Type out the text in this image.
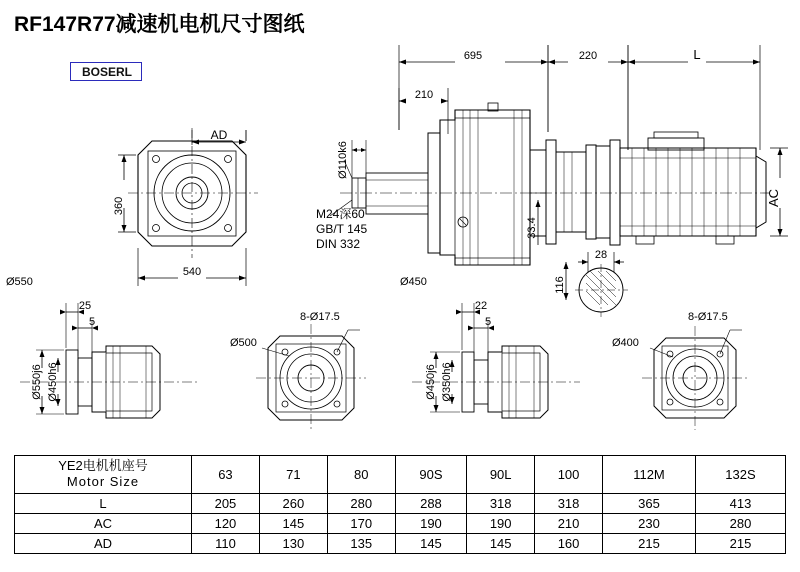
RF147R77减速机电机尺寸图纸
BOSERL
695	220	L
210
AD
540
28
25
5
22
5
Ø550	Ø450
Ø500	Ø400
8-Ø17.5	8-Ø17.5
M24深60
GB/T 145
DIN 332
360	AC
Ø110k6
33.4
116
Ø550j6 Ø450h6	Ø450j6 Ø350h6
YE2电机机座号
Motor Size	63	71	80	90S	90L	100	112M	132S
L	205	260	280	288	318	318	365	413
AC	120	145	170	190	190	210	230	280
AD	110	130	135	145	145	160	215	215
